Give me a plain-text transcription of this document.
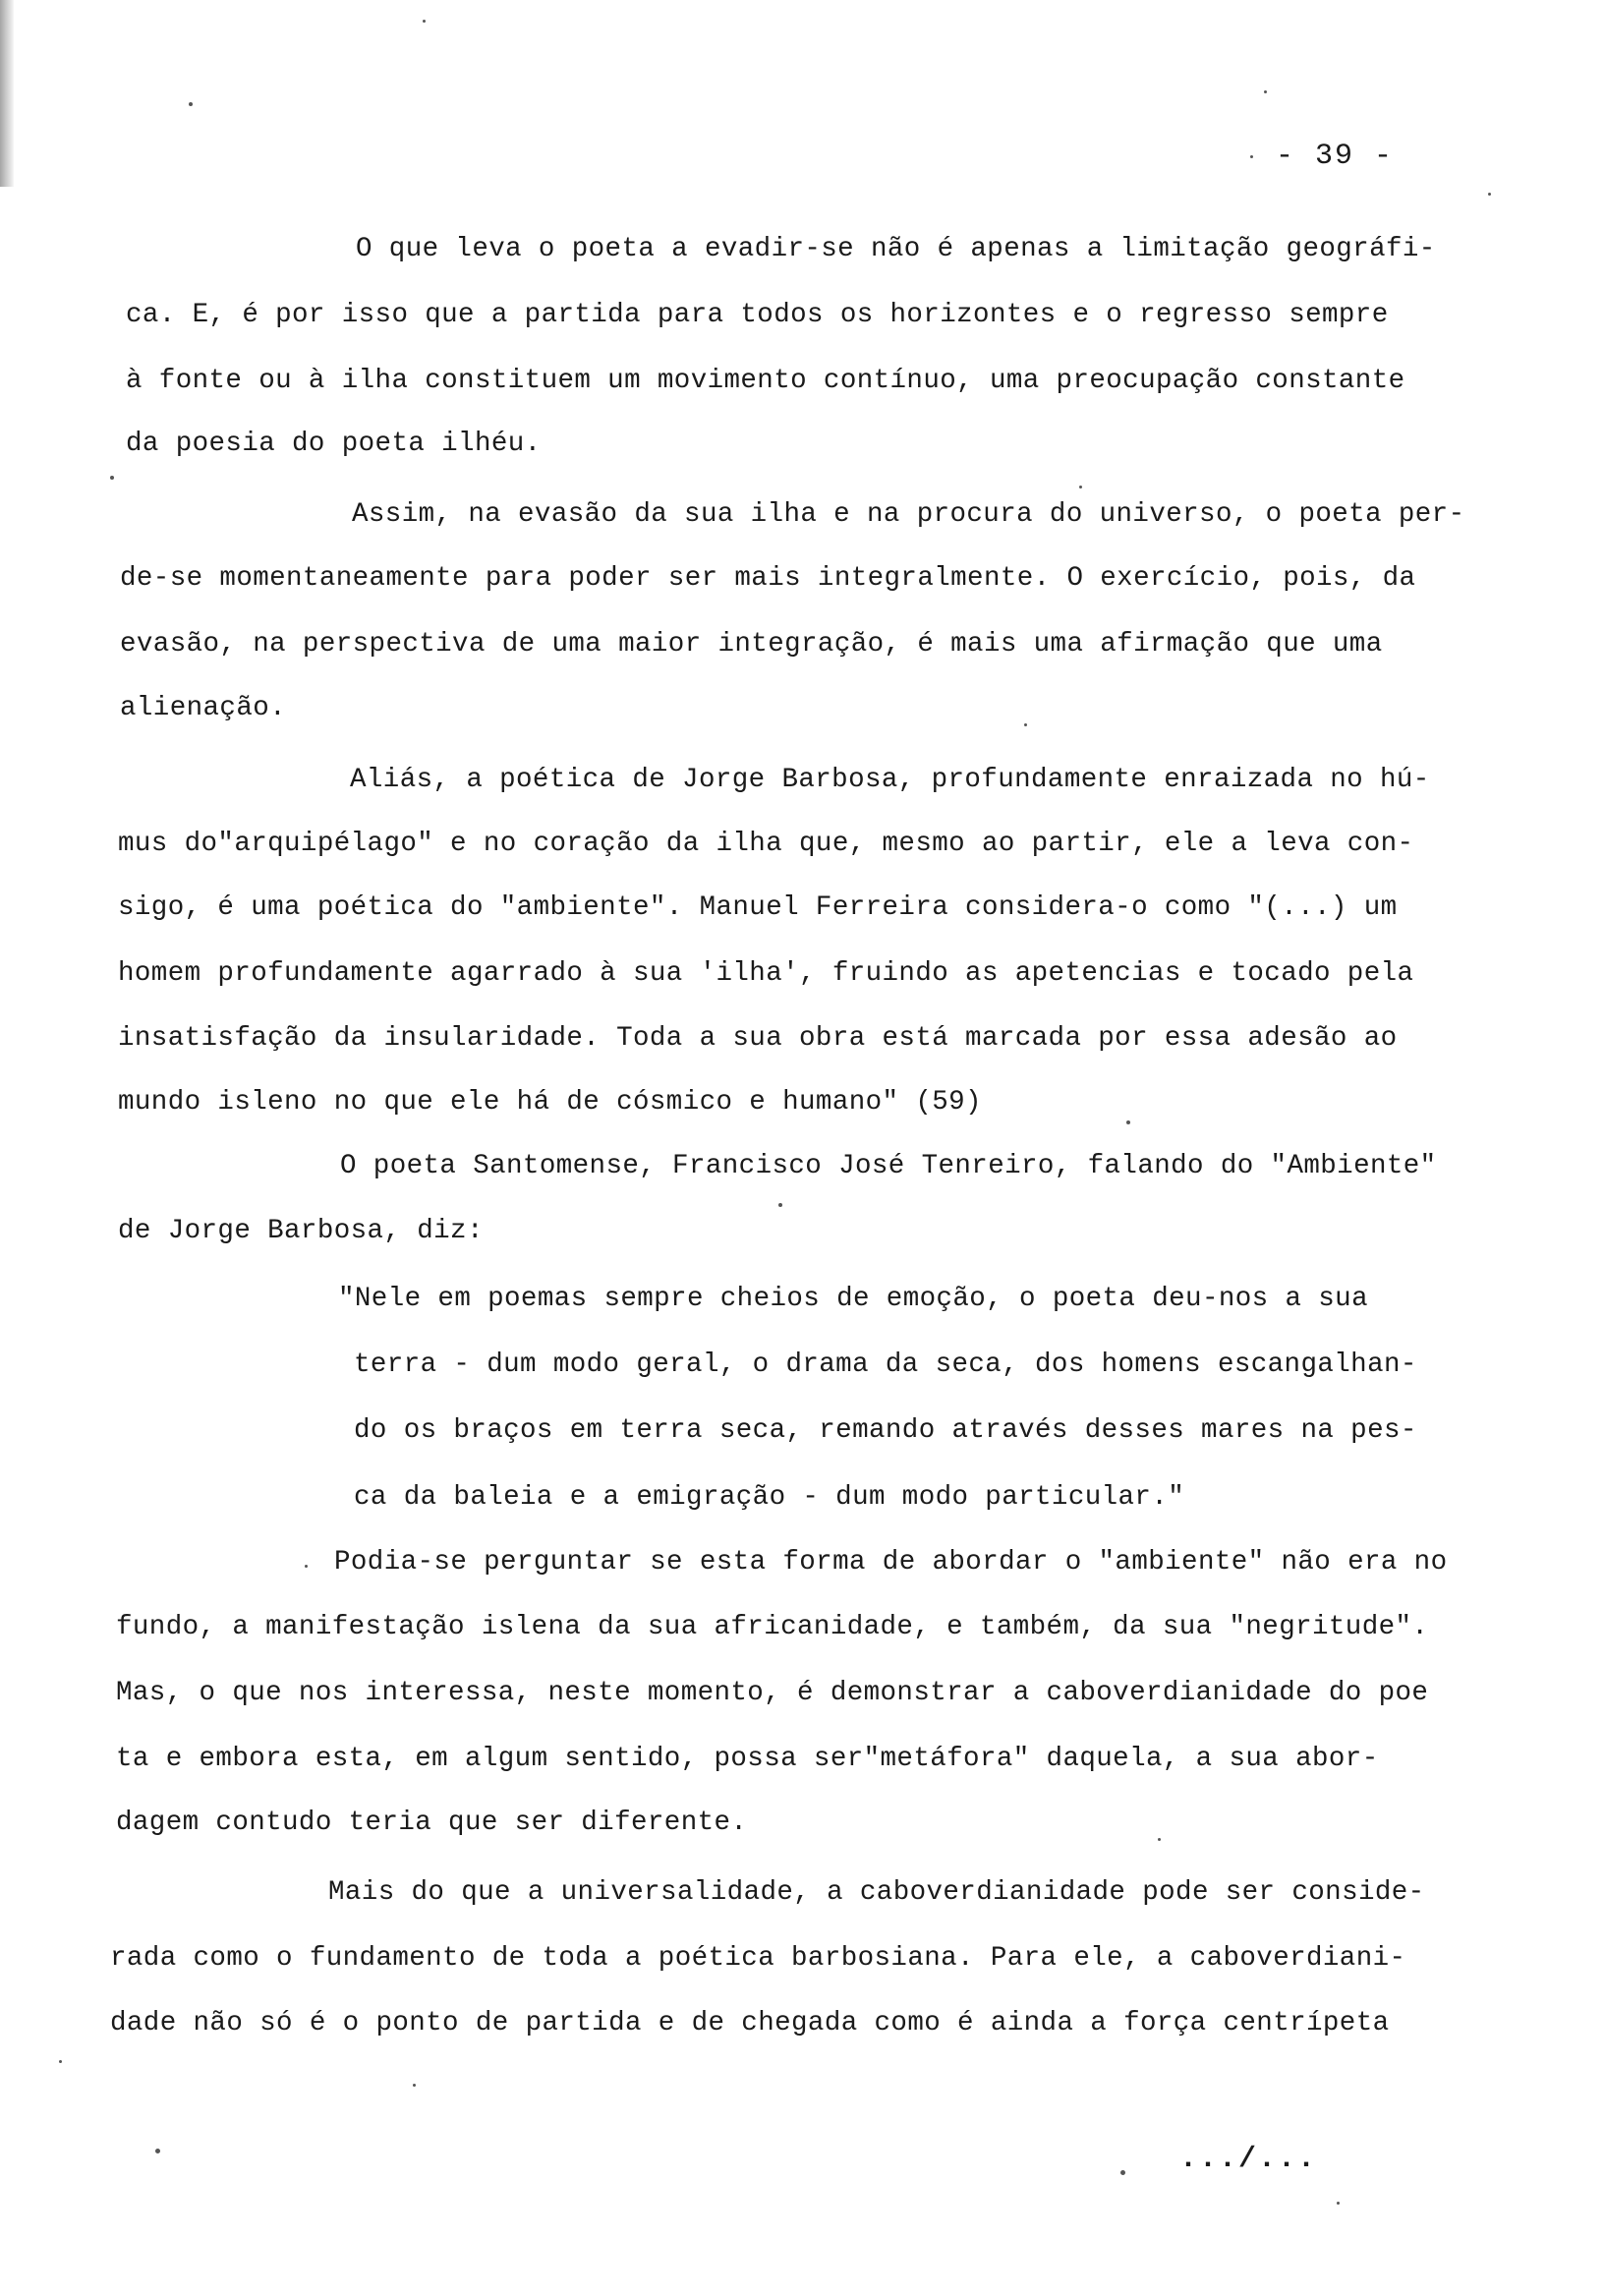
- 39 -
O que leva o poeta a evadir-se não é apenas a limitação geográfi-
ca. E, é por isso que a partida para todos os horizontes e o regresso sempre
à fonte ou à ilha constituem um movimento contínuo, uma preocupação constante
da poesia do poeta ilhéu.
Assim, na evasão da sua ilha e na procura do universo, o poeta per-
de-se momentaneamente para poder ser mais integralmente. O exercício, pois, da
evasão, na perspectiva de uma maior integração, é mais uma afirmação que uma
alienação.
Aliás, a poética de Jorge Barbosa, profundamente enraizada no hú-
mus do"arquipélago" e no coração da ilha que, mesmo ao partir, ele a leva con-
sigo, é uma poética do "ambiente". Manuel Ferreira considera-o como "(...) um
homem profundamente agarrado à sua 'ilha', fruindo as apetencias e tocado pela
insatisfação da insularidade. Toda a sua obra está marcada por essa adesão ao
mundo isleno no que ele há de cósmico e humano" (59)
O poeta Santomense, Francisco José Tenreiro, falando do "Ambiente"
de Jorge Barbosa, diz:
"Nele em poemas sempre cheios de emoção, o poeta deu-nos a sua
terra - dum modo geral, o drama da seca, dos homens escangalhan-
do os braços em terra seca, remando através desses mares na pes-
ca da baleia e a emigração - dum modo particular."
Podia-se perguntar se esta forma de abordar o "ambiente" não era no
fundo, a manifestação islena da sua africanidade, e também, da sua "negritude".
Mas, o que nos interessa, neste momento, é demonstrar a caboverdianidade do poe
ta e embora esta, em algum sentido, possa ser"metáfora" daquela, a sua abor-
dagem contudo teria que ser diferente.
Mais do que a universalidade, a caboverdianidade pode ser conside-
rada como o fundamento de toda a poética barbosiana. Para ele, a caboverdiani-
dade não só é o ponto de partida e de chegada como é ainda a força centrípeta
.../...
